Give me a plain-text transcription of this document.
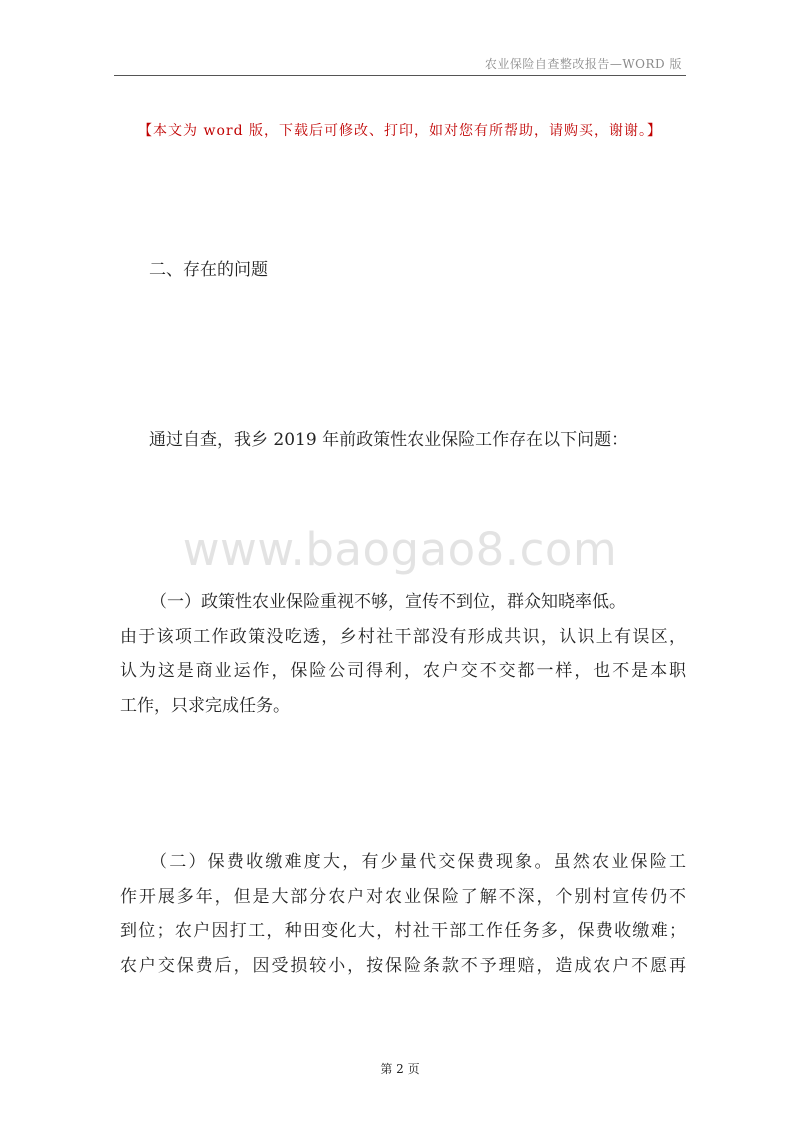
农业保险自查整改报告—WORD 版
【本文为 word 版，下载后可修改、打印，如对您有所帮助，请购买，谢谢。】
二、存在的问题
通过自查，我乡 2019 年前政策性农业保险工作存在以下问题：
www.baogao8.com
（一）政策性农业保险重视不够，宣传不到位，群众知晓率低。
由于该项工作政策没吃透，乡村社干部没有形成共识，认识上有误区，
认为这是商业运作，保险公司得利，农户交不交都一样，也不是本职
工作，只求完成任务。
（二）保费收缴难度大，有少量代交保费现象。虽然农业保险工
作开展多年，但是大部分农户对农业保险了解不深，个别村宣传仍不
到位；农户因打工，种田变化大，村社干部工作任务多，保费收缴难；
农户交保费后，因受损较小，按保险条款不予理赔，造成农户不愿再
第 2 页
